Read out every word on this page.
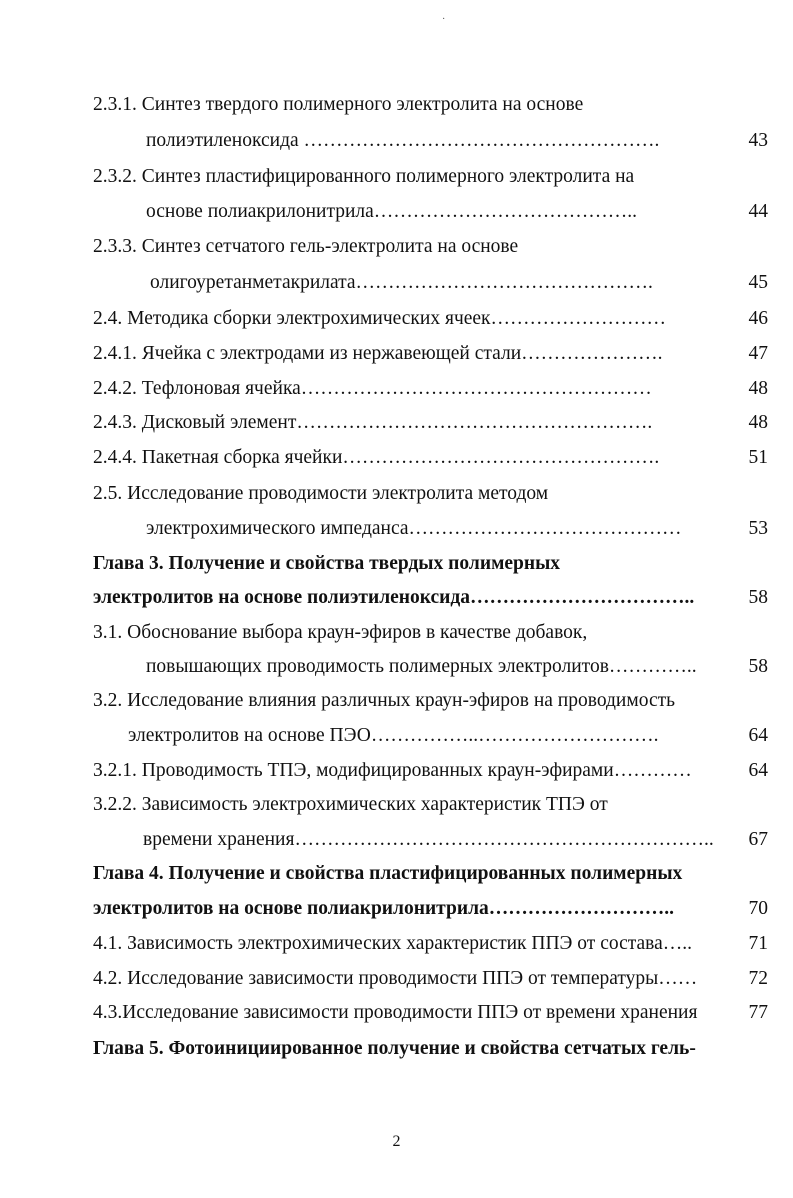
·
2.3.1. Синтез твердого полимерного электролита на основе
полиэтиленоксида ……………………………………………….	43
2.3.2. Синтез пластифицированного полимерного электролита на
основе полиакрилонитрила…………………………………..	44
2.3.3. Синтез сетчатого гель-электролита на основе
олигоуретанметакрилата……………………………………….	45
2.4. Методика сборки электрохимических ячеек………………………	46
2.4.1. Ячейка с электродами из нержавеющей стали………………….	47
2.4.2. Тефлоновая ячейка………………………………………………	48
2.4.3. Дисковый элемент……………………………………………….	48
2.4.4. Пакетная сборка ячейки………………………………………….	51
2.5. Исследование проводимости электролита методом
электрохимического импеданса……………………………………	53
Глава 3. Получение и свойства твердых полимерных
электролитов на основе полиэтиленоксида……………………………..	58
3.1. Обоснование выбора краун-эфиров в качестве добавок,
повышающих проводимость полимерных электролитов…………..	58
3.2. Исследование влияния различных краун-эфиров на проводимость
электролитов на основе ПЭО……………..……………………….	64
3.2.1. Проводимость ТПЭ, модифицированных краун-эфирами…………	64
3.2.2. Зависимость электрохимических характеристик ТПЭ от
времени хранения……………………………………………………….. 67
Глава 4. Получение и свойства пластифицированных полимерных
электролитов на основе полиакрилонитрила………………………..	70
4.1. Зависимость электрохимических характеристик ППЭ от состава…..	71
4.2. Исследование зависимости проводимости ППЭ от температуры……	72
4.3.Исследование зависимости проводимости ППЭ от времени хранения	77
Глава 5. Фотоинициированное получение и свойства сетчатых гель-
2
